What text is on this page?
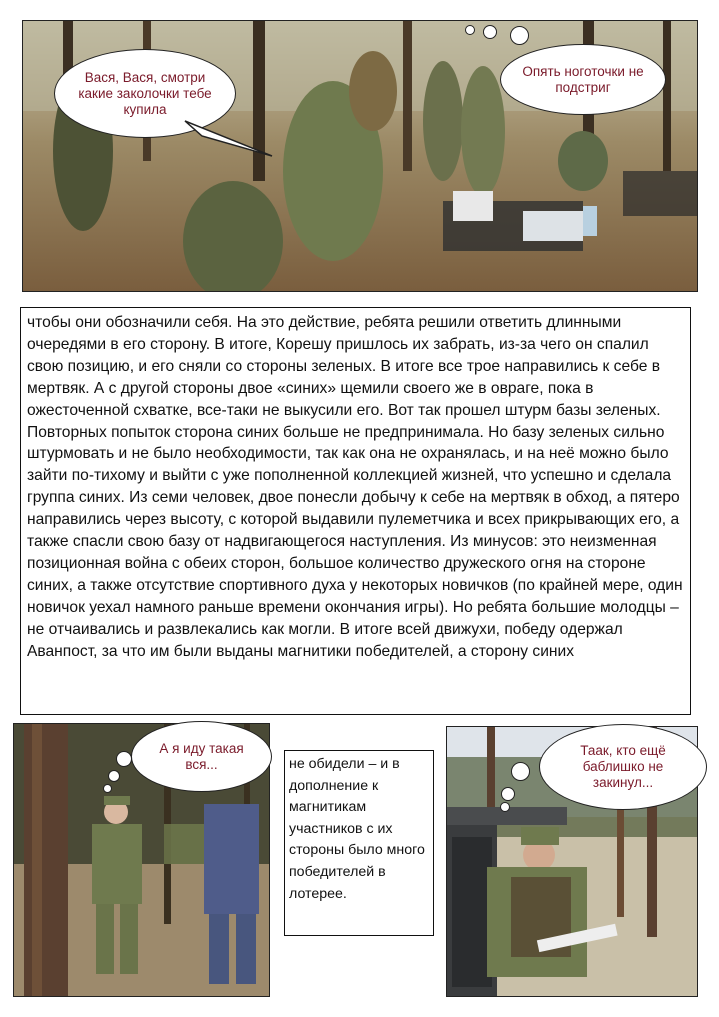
Вася, Вася, смотри какие заколочки тебе купила
Опять ноготочки не подстриг
чтобы они обозначили себя. На это действие, ребята решили ответить длинными очередями в его сторону. В итоге, Корешу пришлось их забрать, из-за чего он спалил свою позицию, и его сняли со стороны зеленых. В итоге все трое направились к себе в мертвяк. А с другой стороны двое «синих» щемили своего же в овраге, пока в ожесточенной схватке, все-таки не выкусили его. Вот так прошел штурм базы зеленых. Повторных попыток сторона синих больше не предпринимала. Но базу зеленых сильно штурмовать и не было необходимости, так как она не охранялась, и на неё можно было зайти по-тихому и выйти с уже пополненной коллекцией жизней, что успешно и сделала группа синих. Из семи человек, двое понесли добычу к себе на мертвяк в обход, а пятеро направились через высоту, с которой выдавили пулеметчика и всех прикрывающих его, а также спасли свою базу от надвигающегося наступления. Из минусов: это неизменная позиционная война с обеих сторон, большое количество дружеского огня на стороне синих, а также отсутствие спортивного духа у некоторых новичков (по крайней мере, один новичок уехал намного раньше времени окончания игры). Но ребята большие молодцы – не отчаивались и развлекались как могли. В итоге всей движухи, победу одержал Аванпост, за что им были выданы магнитики победителей, а сторону синих
А я иду такая вся...	не обидели – и в дополнение к магнитикам участников с их стороны было много победителей в лотерее.
Таак, кто ещё баблишко не закинул...
